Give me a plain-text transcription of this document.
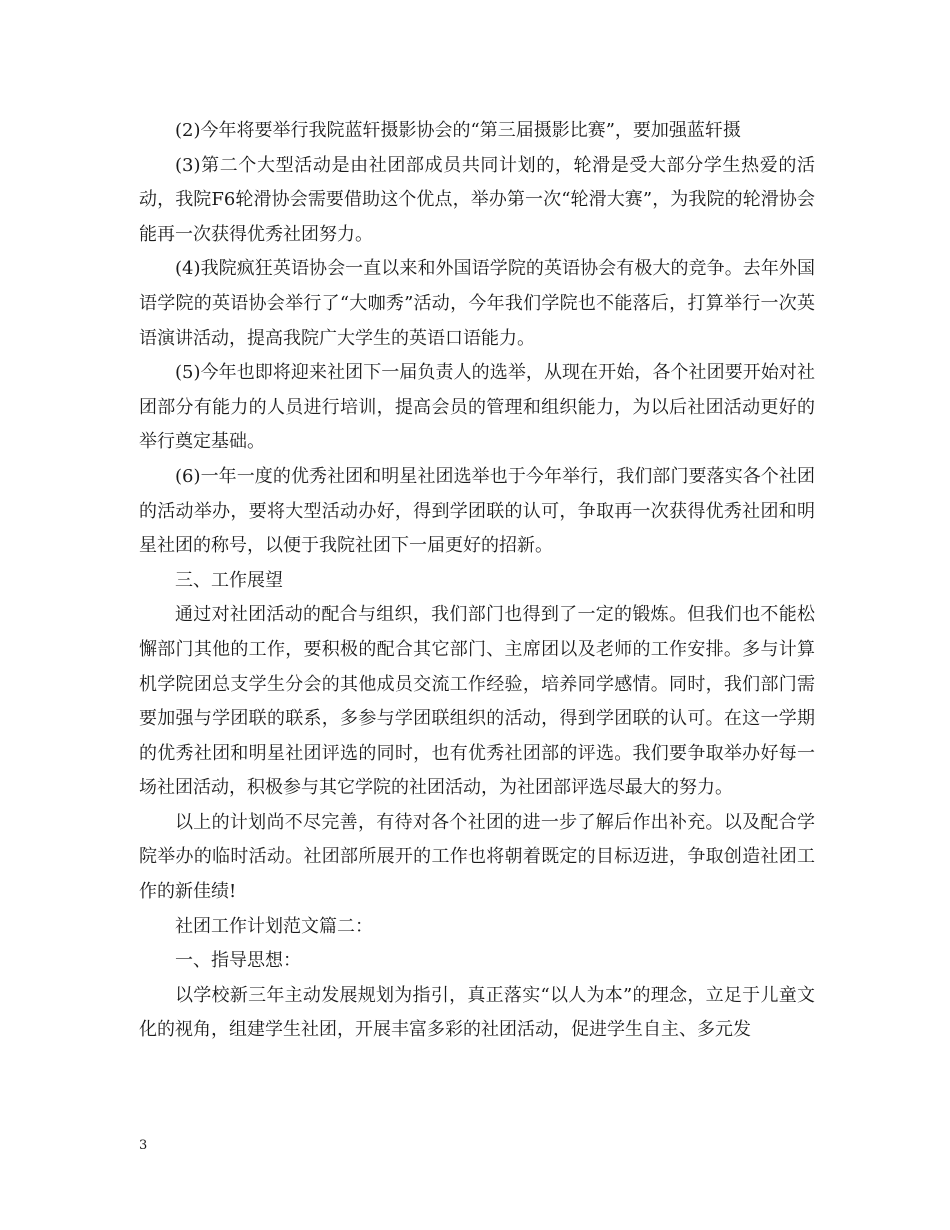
(2)今年将要举行我院蓝轩摄影协会的“第三届摄影比赛”，要加强蓝轩摄

(3)第二个大型活动是由社团部成员共同计划的，轮滑是受大部分学生热爱的活动，我院F6轮滑协会需要借助这个优点，举办第一次“轮滑大赛”，为我院的轮滑协会能再一次获得优秀社团努力。

(4)我院疯狂英语协会一直以来和外国语学院的英语协会有极大的竞争。去年外国语学院的英语协会举行了“大咖秀”活动，今年我们学院也不能落后，打算举行一次英语演讲活动，提高我院广大学生的英语口语能力。

(5)今年也即将迎来社团下一届负责人的选举，从现在开始，各个社团要开始对社团部分有能力的人员进行培训，提高会员的管理和组织能力，为以后社团活动更好的举行奠定基础。

(6)一年一度的优秀社团和明星社团选举也于今年举行，我们部门要落实各个社团的活动举办，要将大型活动办好，得到学团联的认可，争取再一次获得优秀社团和明星社团的称号，以便于我院社团下一届更好的招新。

三、工作展望

通过对社团活动的配合与组织，我们部门也得到了一定的锻炼。但我们也不能松懈部门其他的工作，要积极的配合其它部门、主席团以及老师的工作安排。多与计算机学院团总支学生分会的其他成员交流工作经验，培养同学感情。同时，我们部门需要加强与学团联的联系，多参与学团联组织的活动，得到学团联的认可。在这一学期的优秀社团和明星社团评选的同时，也有优秀社团部的评选。我们要争取举办好每一场社团活动，积极参与其它学院的社团活动，为社团部评选尽最大的努力。

以上的计划尚不尽完善，有待对各个社团的进一步了解后作出补充。以及配合学院举办的临时活动。社团部所展开的工作也将朝着既定的目标迈进，争取创造社团工作的新佳绩!

社团工作计划范文篇二：

一、指导思想：

以学校新三年主动发展规划为指引，真正落实“以人为本”的理念，立足于儿童文化的视角，组建学生社团，开展丰富多彩的社团活动，促进学生自主、多元发

3
